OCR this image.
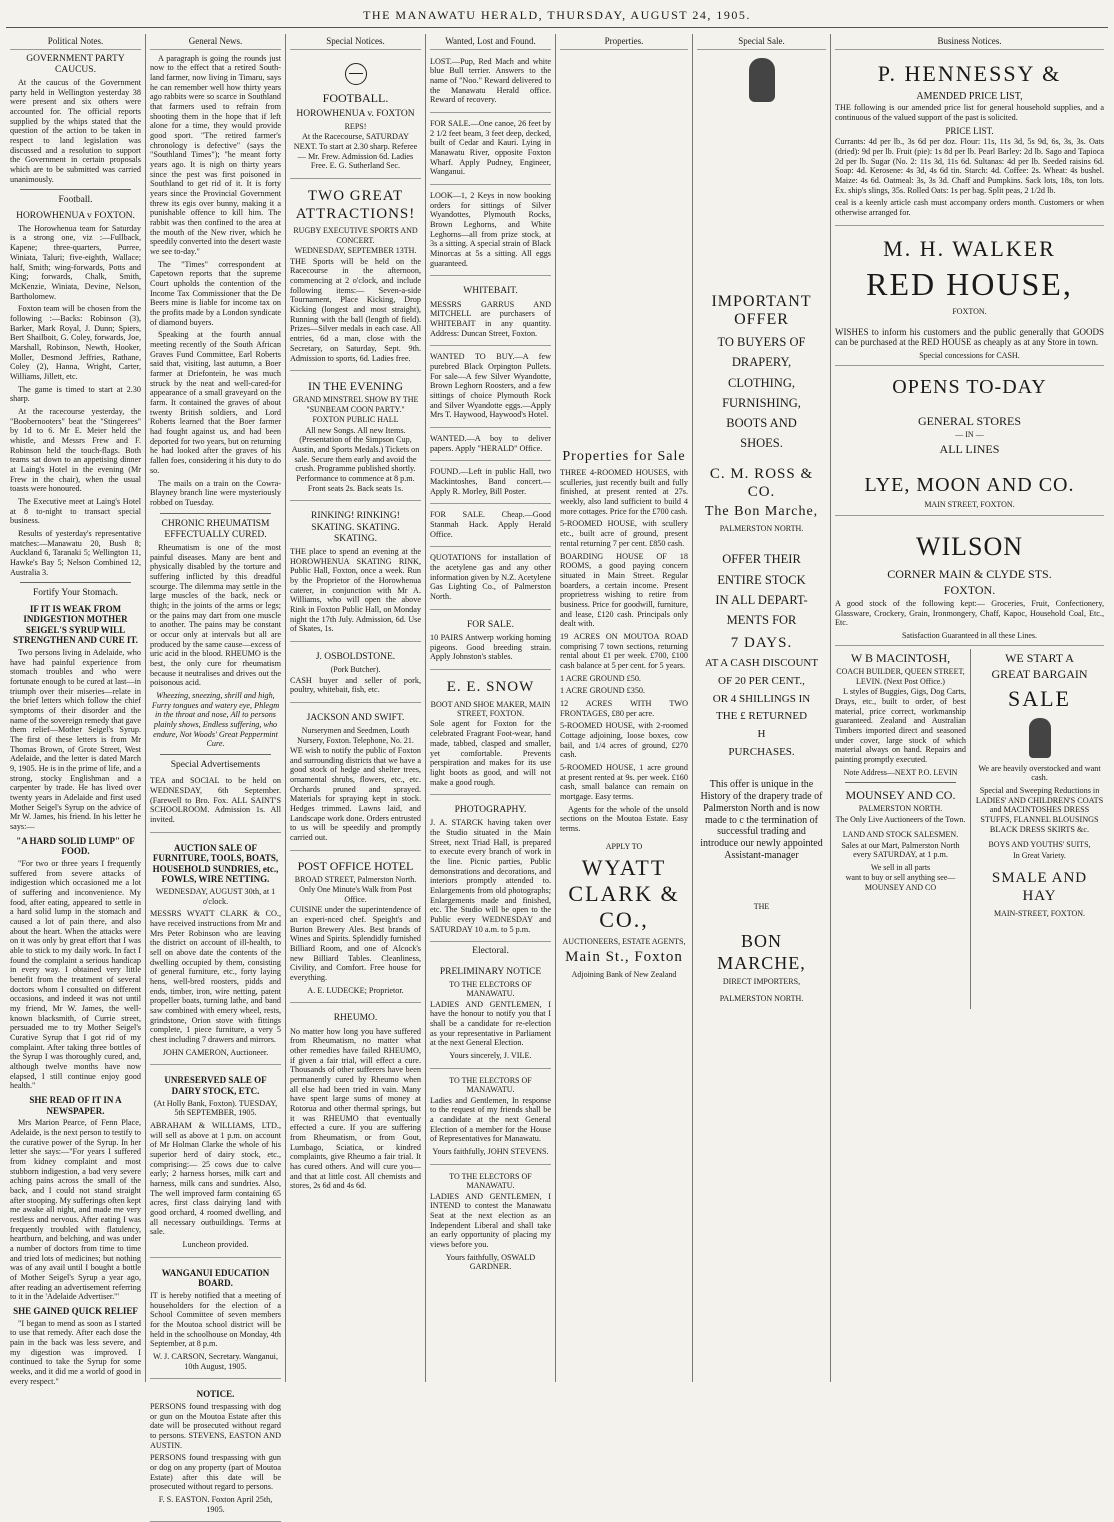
THE MANAWATU HERALD, THURSDAY, AUGUST 24, 1905.
Political Notes.
GOVERNMENT PARTY CAUCUS.

At the caucus of the Government party held in Wellington yesterday 38 were present and six others were accounted for. The official reports supplied by the whips stated that the question of the action to be taken in respect to land legislation was discussed and a resolution to support the Government in certain proposals which are to be submitted was carried unanimously.

Football.
HOROWHENUA v FOXTON.

The Horowhenua team for Saturday is a strong one, viz :—Fullback, Kapene; three-quarters, Purree, Winiata, Taluri; five-eighth, Wallace; half, Smith; wing-forwards, Potts and King; forwards, Chalk, Smith, McKenzie, Winiata, Devine, Nelson, Bartholomew.

Foxton team will be chosen from the following :—Backs: Robinson (3), Barker, Mark Royal, J. Dunn; Spiers, Bert Shailboit, G. Coley, forwards, Joe, Marshall, Robinson, Newth, Hooker, Moller, Desmond Jeffries, Rathane, Coley (2), Hanna, Wright, Carter, Williams, Jillett, etc.

The game is timed to start at 2.30 sharp.

At the racecourse yesterday, the "Boobernooters" beat the "Stingerees" by 1d to 6. Mr E. Meier held the whistle, and Messrs Frew and F. Robinson held the touch-flags. Both teams sat down to an appetising dinner at Laing's Hotel in the evening (Mr Frew in the chair), when the usual toasts were honoured.

The Executive meet at Laing's Hotel at 8 to-night to transact special business.

Results of yesterday's representative matches:—Manawatu 20, Bush 8; Auckland 6, Taranaki 5; Wellington 11, Hawke's Bay 5; Nelson Combined 12, Australia 3.

Fortify Your Stomach.
IF IT IS WEAK FROM INDIGESTION MOTHER SEIGEL'S SYRUP WILL STRENGTHEN AND CURE IT.

Two persons living in Adelaide, who have had painful experience from stomach troubles and who were fortunate enough to be cured at last—in triumph over their miseries—relate in the brief letters which follow the chief symptoms of their disorder and the name of the sovereign remedy that gave them relief—Mother Seigel's Syrup. The first of these letters is from Mr Thomas Brown, of Grote Street, West Adelaide, and the letter is dated March 9, 1905. He is in the prime of life, and a strong, stocky Englishman and a carpenter by trade. He has lived over twenty years in Adelaide and first used Mother Seigel's Syrup on the advice of Mr W. James, his friend. In his letter he says:—

"A HARD SOLID LUMP" OF FOOD.

"For two or three years I frequently suffered from severe attacks of indigestion which occasioned me a lot of suffering and inconvenience. My food, after eating, appeared to settle in a hard solid lump in the stomach and caused a lot of pain there, and also about the heart. When the attacks were on it was only by great effort that I was able to stick to my daily work. In fact I found the complaint a serious handicap in every way. I obtained very little benefit from the treatment of several doctors whom I consulted on different occasions, and indeed it was not until my friend, Mr W. James, the well-known blacksmith, of Currie street, persuaded me to try Mother Seigel's Curative Syrup that I got rid of my complaint. After taking three bottles of the Syrup I was thoroughly cured, and, although twelve months have now elapsed, I still continue enjoy good health."

SHE READ OF IT IN A NEWSPAPER.

Mrs Marion Pearce, of Fenn Place, Adelaide, is the next person to testify to the curative power of the Syrup. In her letter she says:—"For years I suffered from kidney complaint and most stubborn indigestion, a bad very severe aching pains across the small of the back, and I could not stand straight after stooping. My sufferings often kept me awake all night, and made me very restless and nervous. After eating I was frequently troubled with flatulency, heartburn, and belching, and was under a number of doctors from time to time and tried lots of medicines; but nothing was of any avail until I bought a bottle of Mother Seigel's Syrup a year ago, after reading an advertisement referring to it in the 'Adelaide Advertiser.'"

SHE GAINED QUICK RELIEF

"I began to mend as soon as I started to use that remedy. After each dose the pain in the back was less severe, and my digestion was improved. I continued to take the Syrup for some weeks, and it did me a world of good in every respect."

General News.

A paragraph is going the rounds just now to the effect that a retired South-land farmer, now living in Timaru, says he can remember well how thirty years ago rabbits were so scarce in Southland that farmers used to refrain from shooting them in the hope that if left alone for a time, they would provide good sport. "The retired farmer's chronology is defective" (says the "Southland Times"); "he meant forty years ago. It is nigh on thirty years since the pest was first poisoned in Southland to get rid of it. It is forty years since the Provincial Government threw its egis over bunny, making it a punishable offence to kill him. The rabbit was then confined to the area at the mouth of the New river, which he speedily converted into the desert waste we see to-day."

The "Times" correspondent at Capetown reports that the supreme Court upholds the contention of the Income Tax Commissioner that the De Beers mine is liable for income tax on the profits made by a London syndicate of diamond buyers.

Speaking at the fourth annual meeting recently of the South African Graves Fund Committee, Earl Roberts said that, visiting, last autumn, a Boer farmer at Driefontein, he was much struck by the neat and well-cared-for appearance of a small graveyard on the farm. It contained the graves of about twenty British soldiers, and Lord Roberts learned that the Boer farmer had fought against us, and had been deported for two years, but on returning he had looked after the graves of his fallen foes, considering it his duty to do so.

The mails on a train on the Cowra-Blayney branch line were mysteriously robbed on Tuesday.

CHRONIC RHEUMATISM EFFECTUALLY CURED.

Rheumatism is one of the most painful diseases. Many are bent and physically disabled by the torture and suffering inflicted by this dreadful scourge. The dilemma may settle in the large muscles of the back, neck or thigh; in the joints of the arms or legs; or the pains may dart from one muscle to another. The pains may be constant or occur only at intervals but all are produced by the same cause—excess of uric acid in the blood. RHEUMO is the best, the only cure for rheumatism because it neutralises and drives out the poisonous acid.

Wheezing, sneezing, shrill and high, Furry tongues and watery eye, Phlegm in the throat and nose, All to persons plainly shows, Endless suffering, who endure, Not Woods' Great Peppermint Cure.

Special Advertisements

TEA and SOCIAL to be held on WEDNESDAY, 6th September. (Farewell to Bro. Fox. ALL SAINT'S SCHOOLROOM. Admission 1s. All invited.

AUCTION SALE OF FURNITURE, TOOLS, BOATS, HOUSEHOLD SUNDRIES, etc., FOWLS, WIRE NETTING.

WEDNESDAY, AUGUST 30th, at 1 o'clock.

MESSRS WYATT CLARK & CO., have received instructions from Mr and Mrs Peter Robinson who are leaving the district on account of ill-health, to sell on above date the contents of the dwelling occupied by them, consisting of general furniture, etc., forty laying hens, well-bred roosters, pidds and ends, timber, iron, wire netting, patent propeller boats, turning lathe, and band saw combined with emery wheel, rests, grindstone, Orion stove with fittings complete, 1 piece furniture, a very 5 chest including 7 drawers and mirrors.

JOHN CAMERON, Auctioneer.

UNRESERVED SALE OF DAIRY STOCK, ETC.

(At Holly Bank, Foxton). TUESDAY, 5th SEPTEMBER, 1905.

ABRAHAM & WILLIAMS, LTD., will sell as above at 1 p.m. on account of Mr Holman Clarke the whole of his superior herd of dairy stock, etc., comprising:— 25 cows due to calve early; 2 harness horses, milk cart and harness, milk cans and sundries. Also, The well improved farm containing 65 acres, first class dairying land with good orchard, 4 roomed dwelling, and all necessary outbuildings. Terms at sale.

Luncheon provided.

WANGANUI EDUCATION BOARD.

IT is hereby notified that a meeting of householders for the election of a School Committee of seven members for the Moutoa school district will be held in the schoolhouse on Monday, 4th September, at 8 p.m.

W. J. CARSON, Secretary. Wanganui, 10th August, 1905.

NOTICE.

PERSONS found trespassing with dog or gun on the Moutoa Estate after this date will be prosecuted without regard to persons. STEVENS, EASTON AND AUSTIN.

PERSONS found trespassing with gun or dog on any property (part of Moutoa Estate) after this date will be prosecuted without regard to persons.

F. S. EASTON. Foxton April 25th, 1905.

Special Notices.
FOOTBALL.
HOROWHENUA v. FOXTON
REPS!

At the Racecourse, SATURDAY NEXT. To start at 2.30 sharp. Referee — Mr. Frew. Admission 6d. Ladies Free. E. G. Sutherland Sec.

TWO GREAT ATTRACTIONS!
RUGBY EXECUTIVE SPORTS AND CONCERT.
WEDNESDAY, SEPTEMBER 13TH.

THE Sports will be held on the Racecourse in the afternoon, commencing at 2 o'clock, and include following items:— Seven-a-side Tournament, Place Kicking, Drop Kicking (longest and most straight), Running with the ball (length of field). Prizes—Silver medals in each case. All entries, 6d a man, close with the Secretary, on Saturday, Sept. 9th. Admission to sports, 6d. Ladies free.

IN THE EVENING
GRAND MINSTREL SHOW BY THE "SUNBEAM COON PARTY."
FOXTON PUBLIC HALL

All new Songs. All new Items. (Presentation of the Simpson Cup, Austin, and Sports Medals.) Tickets on sale. Secure them early and avoid the crush. Programme published shortly. Performance to commence at 8 p.m. Front seats 2s. Back seats 1s.

RINKING! RINKING! SKATING. SKATING. SKATING.

THE place to spend an evening at the HOROWHENUA SKATING RINK, Public Hall, Foxton, once a week. Run by the Proprietor of the Horowhenua caterer, in conjunction with Mr A. Williams, who will open the above Rink in Foxton Public Hall, on Monday night the 17th July. Admission, 6d. Use of Skates, 1s.

J. OSBOLDSTONE.
(Pork Butcher).

CASH buyer and seller of pork, poultry, whitebait, fish, etc.

JACKSON AND SWIFT.
Nurserymen and Seedmen, Louth Nursery, Foxton. Telephone, No. 21.

WE wish to notify the public of Foxton and surrounding districts that we have a good stock of hedge and shelter trees, ornamental shrubs, flowers, etc., etc. Orchards pruned and sprayed. Materials for spraying kept in stock. Hedges trimmed. Lawns laid, and Landscape work done. Orders entrusted to us will be speedily and promptly carried out.

POST OFFICE HOTEL
BROAD STREET, Palmerston North.
Only One Minute's Walk from Post Office.

CUISINE under the superintendence of an experi-nced chef. Speight's and Burton Brewery Ales. Best brands of Wines and Spirits. Splendidly furnished Billiard Room, and one of Alcock's new Billiard Tables. Cleanliness, Civility, and Comfort. Free house for everything.

A. E. LUDECKE; Proprietor.

RHEUMO.

No matter how long you have suffered from Rheumatism, no matter what other remedies have failed RHEUMO, if given a fair trial, will effect a cure. Thousands of other sufferers have been permanently cured by Rheumo when all else had been tried in vain. Many have spent large sums of money at Rotorua and other thermal springs, but it was RHEUMO that eventually effected a cure. If you are suffering from Rheumatism, or from Gout, Lumbago, Sciatica, or kindred complaints, give Rheumo a fair trial. It has cured others. And will cure you—and that at little cost. All chemists and stores, 2s 6d and 4s 6d.

Wanted, Lost and Found.

LOST.—Pup, Red Mach and white blue Bull terrier. Answers to the name of "Noo." Reward delivered to the Manawatu Herald office. Reward of recovery.

FOR SALE.—One canoe, 26 feet by 2 1/2 feet beam, 3 feet deep, decked, built of Cedar and Kauri. Lying in Manawatu River, opposite Foxton Wharf. Apply Pudney, Engineer, Wanganui.

LOOK—1, 2 Keys in now booking orders for sittings of Silver Wyandottes, Plymouth Rocks, Brown Leghorns, and White Leghorns—all from prize stock, at 3s a sitting. A special strain of Black Minorcas at 5s a sitting. All eggs guaranteed.

WHITEBAIT.

MESSRS GARRUS AND MITCHELL are purchasers of WHITEBAIT in any quantity. Address: Duncan Street, Foxton.

WANTED TO BUY.—A few purebred Black Orpington Pullets. For sale—A few Silver Wyandotte, Brown Leghorn Roosters, and a few sittings of choice Plymouth Rock and Silver Wyandotte eggs.—Apply Mrs T. Haywood, Haywood's Hotel.

WANTED.—A boy to deliver papers. Apply "HERALD" Office.

FOUND.—Left in public Hall, two Mackintoshes, Band concert.—Apply R. Morley, Bill Poster.

FOR SALE. Cheap.—Good Stanmah Hack. Apply Herald Office.

QUOTATIONS for installation of the acetylene gas and any other information given by N.Z. Acetylene Gas Lighting Co., of Palmerston North.

FOR SALE.

10 PAIRS Antwerp working homing pigeons. Good breeding strain. Apply Johnston's stables.

E. E. SNOW
BOOT AND SHOE MAKER, MAIN STREET, FOXTON.

Sole agent for Foxton for the celebrated Fragrant Foot-wear, hand made, tabbed, clasped and smaller, yet comfortable. Prevents perspiration and makes for its use light boots as good, and will not make a good rough.

PHOTOGRAPHY.

J. A. STARCK having taken over the Studio situated in the Main Street, next Triad Hall, is prepared to execute every branch of work in the line. Picnic parties, Public demonstrations and decorations, and interiors promptly attended to. Enlargements from old photographs; Enlargements made and finished, etc. The Studio will be open to the Public every WEDNESDAY and SATURDAY 10 a.m. to 5 p.m.

Electoral.
PRELIMINARY NOTICE
TO THE ELECTORS OF MANAWATU.

LADIES AND GENTLEMEN, I have the honour to notify you that I shall be a candidate for re-election as your representative in Parliament at the next General Election.

Yours sincerely, J. VILE.

TO THE ELECTORS OF MANAWATU.

Ladies and Gentlemen, In response to the request of my friends shall be a candidate at the next General Election of a member for the House of Representatives for Manawatu.

Yours faithfully, JOHN STEVENS.

TO THE ELECTORS OF MANAWATU.

LADIES AND GENTLEMEN, I INTEND to contest the Manawatu Seat at the next election as an Independent Liberal and shall take an early opportunity of placing my views before you.

Yours faithfully, OSWALD GARDNER.

Properties.
Properties for Sale

THREE 4-ROOMED HOUSES, with sculleries, just recently built and fully finished, at present rented at 27s. weekly, also land sufficient to build 4 more cottages. Price for the £700 cash.

5-ROOMED HOUSE, with scullery etc., built acre of ground, present rental returning 7 per cent. £850 cash.

BOARDING HOUSE OF 18 ROOMS, a good paying concern situated in Main Street. Regular boarders, a certain income. Present proprietress wishing to retire from business. Price for goodwill, furniture, and lease, £120 cash. Principals only dealt with.

19 ACRES ON MOUTOA ROAD comprising 7 town sections, returning rental about £1 per week. £700, £100 cash balance at 5 per cent. for 5 years.

1 ACRE GROUND £50.

1 ACRE GROUND £350.

12 ACRES WITH TWO FRONTAGES, £80 per acre.

5-ROOMED HOUSE, with 2-roomed Cottage adjoining, loose boxes, cow bail, and 1/4 acres of ground, £270 cash.

5-ROOMED HOUSE, 1 acre ground at present rented at 9s. per week. £160 cash, small balance can remain on mortgage. Easy terms.

Agents for the whole of the unsold sections on the Moutoa Estate. Easy terms.

APPLY TO
WYATT CLARK & CO.,
AUCTIONEERS, ESTATE AGENTS,
Main St., Foxton
Adjoining Bank of New Zealand
Special Sale.
IMPORTANT OFFER
TO BUYERS OF
DRAPERY,
CLOTHING,
FURNISHING,
BOOTS AND
SHOES.
C. M. ROSS & CO.
The Bon Marche,
PALMERSTON NORTH.
OFFER THEIR
ENTIRE STOCK
IN ALL DEPART-
MENTS FOR
7 DAYS.
AT A CASH DISCOUNT
OF 20 PER CENT.,
OR 4 SHILLINGS IN
THE £ RETURNED
H
PURCHASES.

This offer is unique in the History of the drapery trade of Palmerston North and is now made to c the termination of successful trading and introduce our newly appointed Assistant-manager

THE
BON MARCHE,
DIRECT IMPORTERS,
PALMERSTON NORTH.
Business Notices.
P. HENNESSY &
AMENDED PRICE LIST,

THE following is our amended price list for general household supplies, and a continuous of the valued support of the past is solicited.

PRICE LIST.

Currants: 4d per lb., 3s 6d per doz. Flour: 11s, 11s 3d, 5s 9d, 6s, 3s, 3s. Oats (dried): 9d per lb. Fruit (pie): 1s 8d per lb. Pearl Barley: 2d lb. Sago and Tapioca 2d per lb. Sugar (No. 2: 11s 3d, 11s 6d. Sultanas: 4d per lb. Seeded raisins 6d. Soap: 4d. Kerosene: 4s 3d, 4s 6d tin. Starch: 4d. Coffee: 2s. Wheat: 4s bushel. Maize: 4s 6d. Oatmeal: 3s, 3s 3d. Chaff and Pumpkins. Sack lots, 18s, ton lots. Ex. ship's slings, 35s. Rolled Oats: 1s per bag. Split peas, 2 1/2d lb.

ceal is a keenly article cash must accompany orders month. Customers or when otherwise arranged for.

M. H. WALKER
RED HOUSE,
FOXTON.

WISHES to inform his customers and the public generally that GOODS can be purchased at the RED HOUSE as cheaply as at any Store in town.

Special concessions for CASH.
OPENS TO-DAY
GENERAL STORES
— IN —
ALL LINES
LYE, MOON AND CO.
MAIN STREET, FOXTON.
WILSON
CORNER MAIN & CLYDE STS.
FOXTON.

A good stock of the following kept:— Groceries, Fruit, Confectionery, Glassware, Crockery, Grain, Ironmongery, Chaff, Kapoc, Household Coal, Etc., Etc.

Satisfaction Guaranteed in all these Lines.
W B MACINTOSH,
COACH BUILDER, QUEEN STREET, LEVIN. (Next Post Office.)

L styles of Buggies, Gigs, Dog Carts, Drays, etc., built to order, of best material, price correct, workmanship guaranteed. Zealand and Australian Timbers imported direct and seasoned under cover, large stock of which material always on hand. Repairs and painting promptly executed.

Note Address—NEXT P.O. LEVIN
MOUNSEY AND CO.
PALMERSTON NORTH.
The Only Live Auctioneers of the Town.
LAND AND STOCK SALESMEN.

Sales at our Mart, Palmerston North every SATURDAY, at 1 p.m.

We sell in all parts
want to buy or sell anything see— MOUNSEY AND CO
WE START A
GREAT BARGAIN
SALE

We are heavily overstocked and want cash.

Special and Sweeping Reductions in LADIES' AND CHILDREN'S COATS and MACINTOSHES DRESS STUFFS, FLANNEL BLOUSINGS BLACK DRESS SKIRTS &c.

BOYS AND YOUTHS' SUITS,
In Great Variety.
SMALE AND HAY
MAIN-STREET, FOXTON.
